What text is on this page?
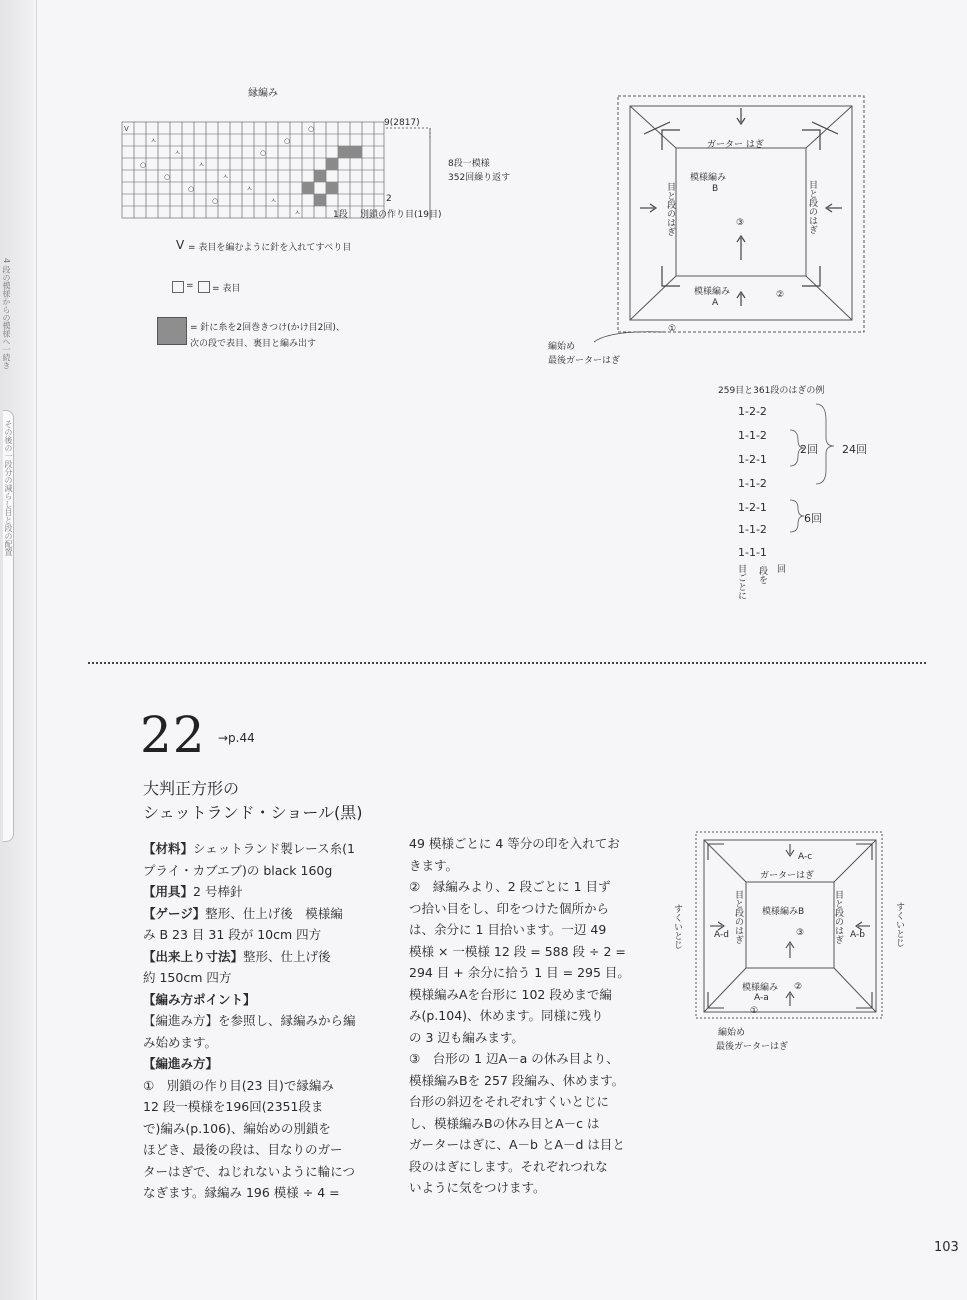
4 段の模様からの模様へ一続き
その後の一段分の減らし目と段の配置
縁編み
V
ㅅ
ㅅ
ㅅ
ㅅ
ㅅ
ㅅ
ㅅ
○
○
○
○
○
○
○
9(2817)
8段一模様
352回繰り返す
2
1段 別鎖の作り目(19目)
V = 表目を編むように針を入れてすべり目
= = 表目
= 針に糸を2回巻きつけ(かけ目2回)、
次の段で表目、裏目と編み出す
ガーター はぎ
模様編み
B
③
模様編み
A
②
①
目と段のはぎ	目と段のはぎ
編始め
最後ガーターはぎ
259目と361段のはぎの例
1-2-2
1-1-2
1-2-1
1-1-2
1-2-1
1-1-2
1-1-1
2回 24回
6回
目ごとに 段を 回
22 →p.44
大判正方形の
シェットランド・ショール(黒)

【材料】シェットランド製レース糸(1

プライ・カブエブ)の black 160g

【用具】2 号棒針

【ゲージ】整形、仕上げ後　模様編

み B 23 目 31 段が 10cm 四方

【出来上り寸法】整形、仕上げ後

約 150cm 四方

【編み方ポイント】

【編進み方】を参照し、縁編みから編

み始めます。

【編進み方】

①　別鎖の作り目(23 目)で縁編み

12 段一模様を196回(2351段ま

で)編み(p.106)、編始めの別鎖を

ほどき、最後の段は、目なりのガー

ターはぎで、ねじれないように輪につ

なぎます。縁編み 196 模様 ÷ 4 =

49 模様ごとに 4 等分の印を入れてお

きます。

②　縁編みより、2 段ごとに 1 目ず

つ拾い目をし、印をつけた個所から

は、余分に 1 目拾います。一辺 49

模様 × 一模様 12 段 = 588 段 ÷ 2 =

294 目 + 余分に拾う 1 目 = 295 目。

模様編みAを台形に 102 段めまで編

み(p.104)、休めます。同様に残り

の 3 辺も編みます。

③　台形の 1 辺A－a の休み目より、

模様編みBを 257 段編み、休めます。

台形の斜辺をそれぞれすくいとじに

し、模様編みBの休み目とA－c は

ガーターはぎに、A－b とA－d は目と

段のはぎにします。それぞれつれな

いように気をつけます。

A-c
ガーターはぎ
模様編みB
③
模様編み ②
A-a
①
A-d	A-b
目と段のはぎ	目と段のはぎ
すくいとじ	すくいとじ
編始め
最後ガーターはぎ
103
